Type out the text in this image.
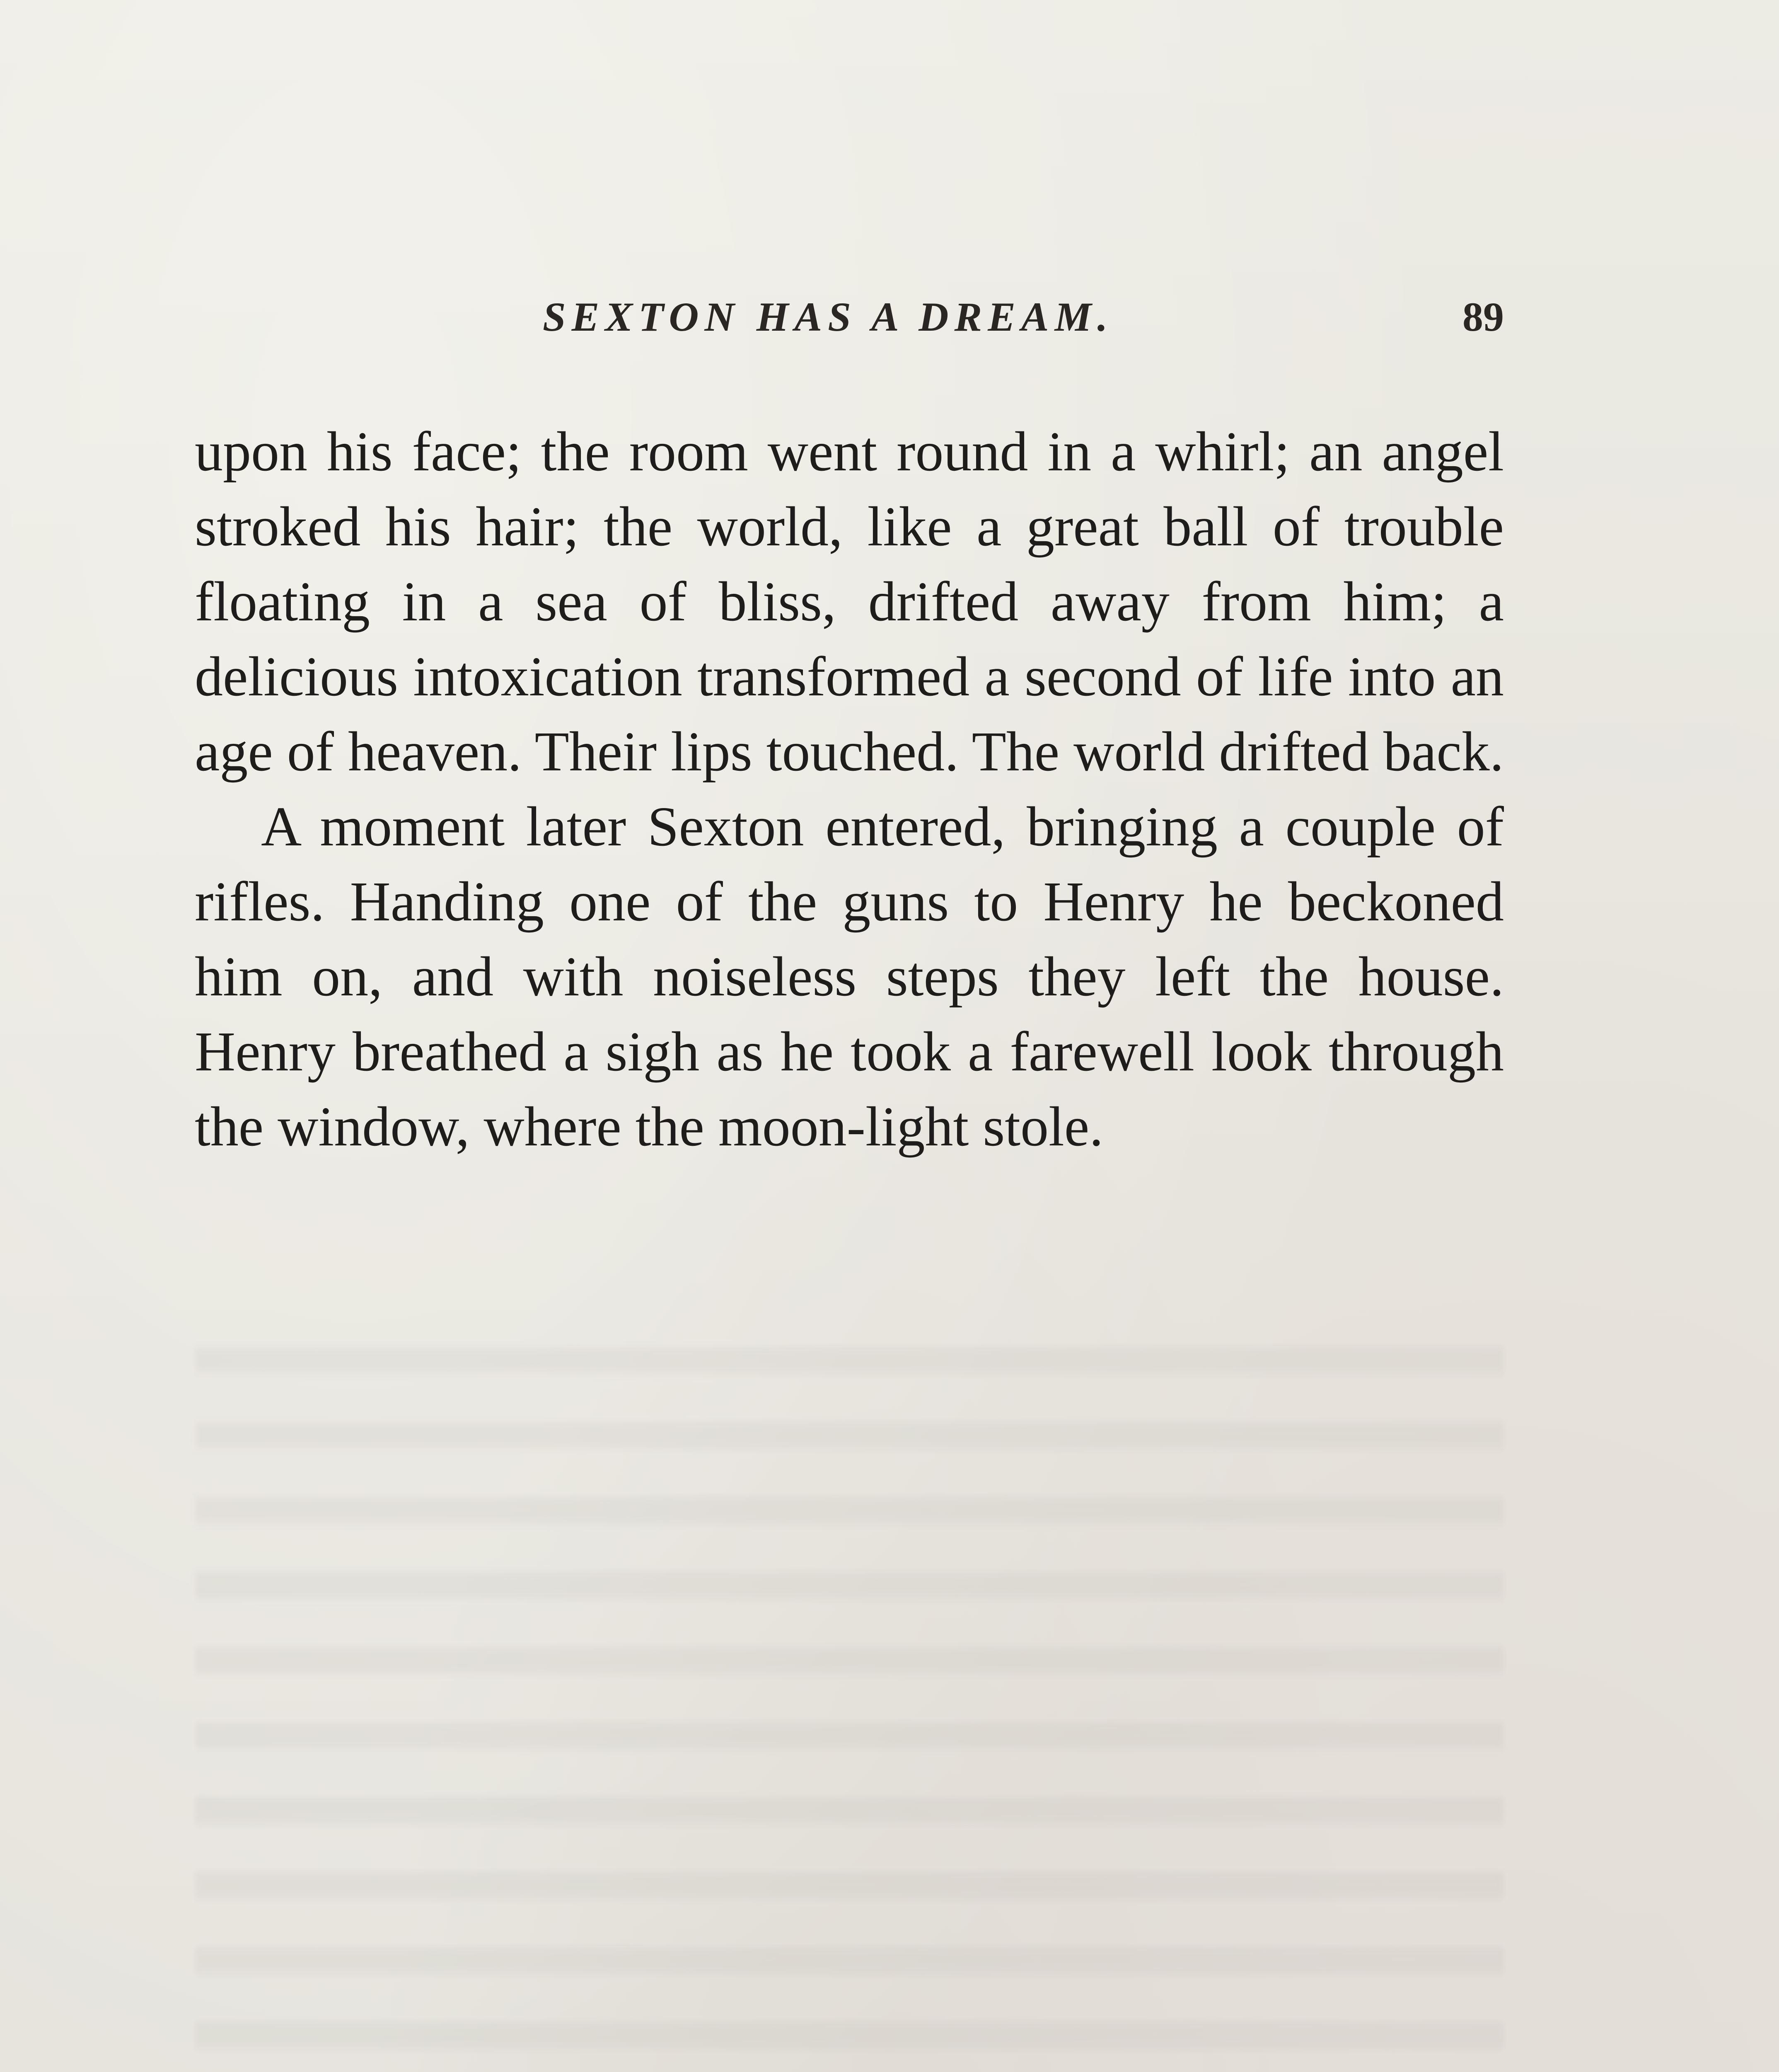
SEXTON HAS A DREAM.	89

upon his face; the room went round in a whirl; an angel stroked his hair; the world, like a great ball of trouble floating in a sea of bliss, drifted away from him; a delicious intoxication transformed a second of life into an age of heaven. Their lips touched. The world drifted back.

A moment later Sexton entered, bringing a couple of rifles. Handing one of the guns to Henry he beckoned him on, and with noiseless steps they left the house. Henry breathed a sigh as he took a farewell look through the window, where the moon-light stole.
